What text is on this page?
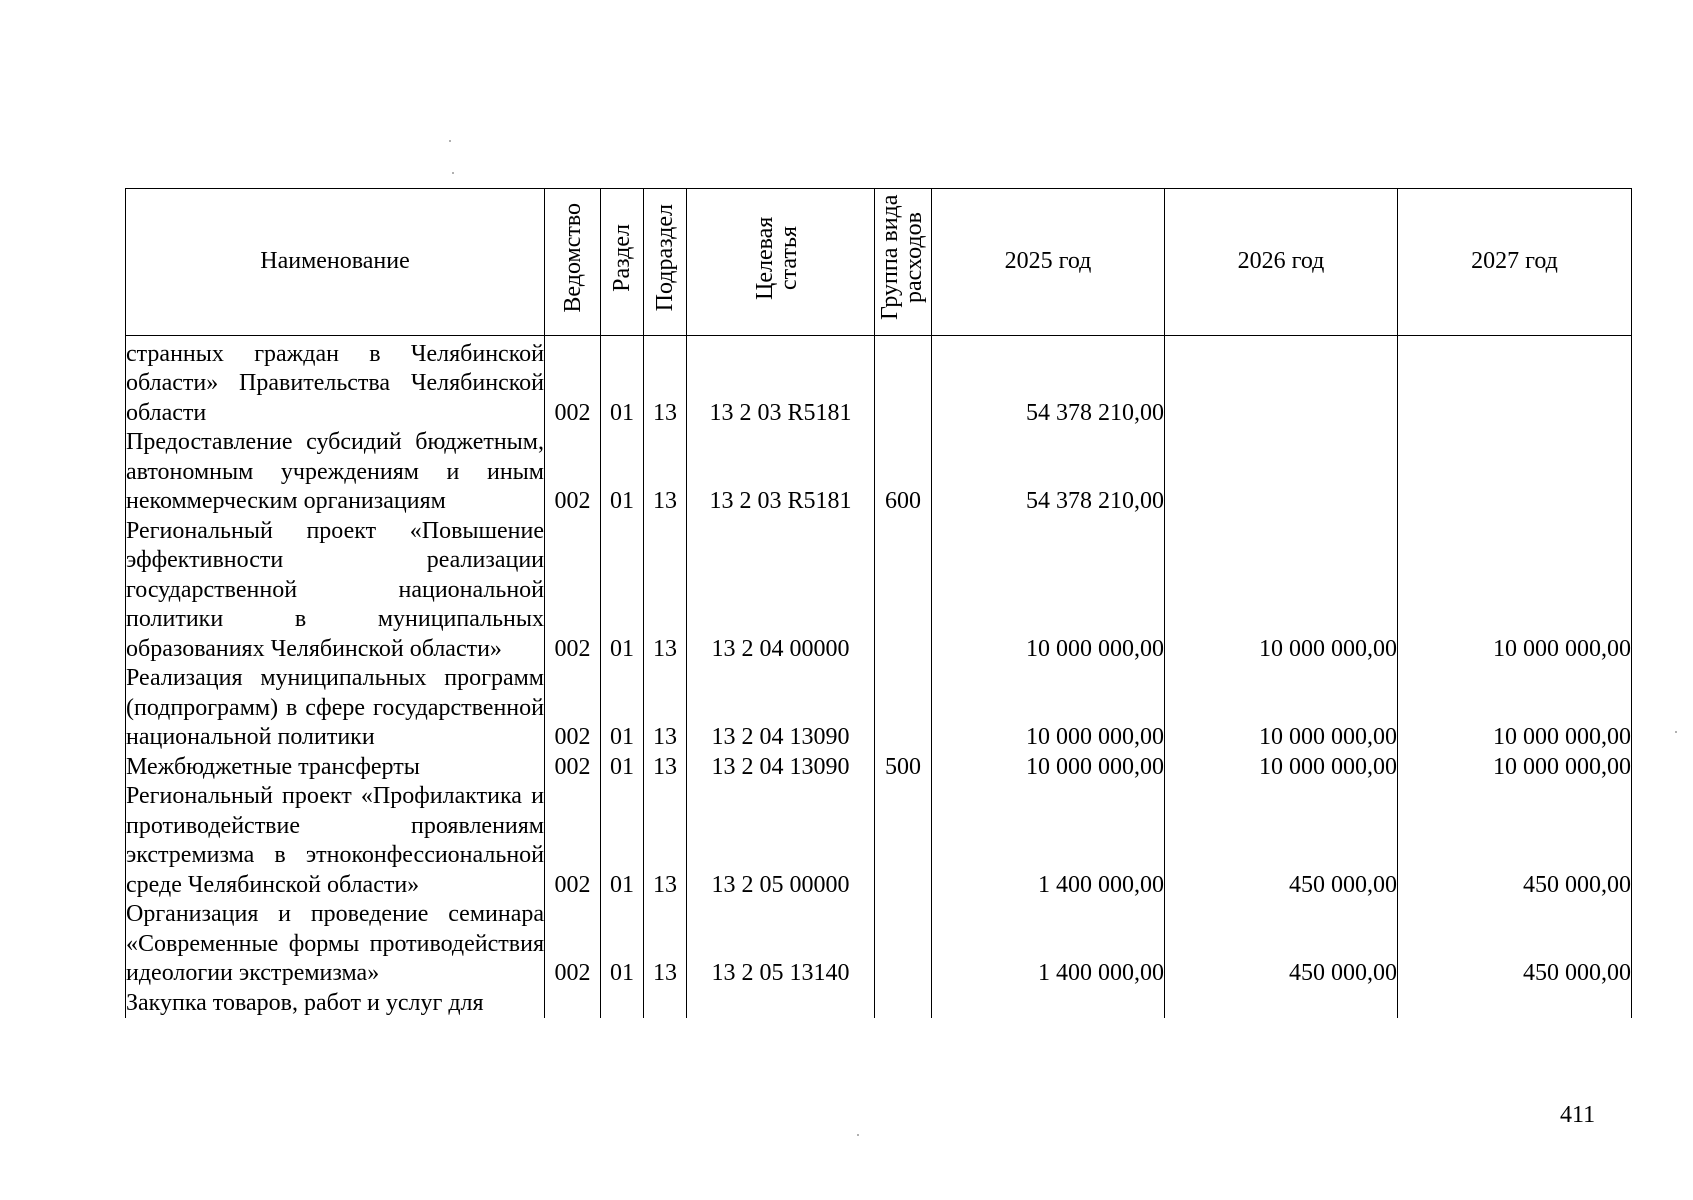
Наименование	Ведомство	Раздел	Подраздел	Целевая статья	Группа вида расходов	2025 год	2026 год	2027 год
странных граждан в Челябинской области» Правительства Челябинской области	002	01	13	13 2 03 R5181		54 378 210,00		
Предоставление субсидий бюджетным, автономным учреждениям и иным некоммерческим организациям	002	01	13	13 2 03 R5181	600	54 378 210,00		
Региональный проект «Повышение эффективности реализации государственной национальной политики в муниципальных образованиях Челябинской области»	002	01	13	13 2 04 00000		10 000 000,00	10 000 000,00	10 000 000,00
Реализация муниципальных программ (подпрограмм) в сфере государственной национальной политики	002	01	13	13 2 04 13090		10 000 000,00	10 000 000,00	10 000 000,00
Межбюджетные трансферты	002	01	13	13 2 04 13090	500	10 000 000,00	10 000 000,00	10 000 000,00
Региональный проект «Профилактика и противодействие проявлениям экстремизма в этноконфессиональной среде Челябинской области»	002	01	13	13 2 05 00000		1 400 000,00	450 000,00	450 000,00
Организация и проведение семинара «Современные формы противодействия идеологии экстремизма»	002	01	13	13 2 05 13140		1 400 000,00	450 000,00	450 000,00
Закупка товаров, работ и услуг для								
411
